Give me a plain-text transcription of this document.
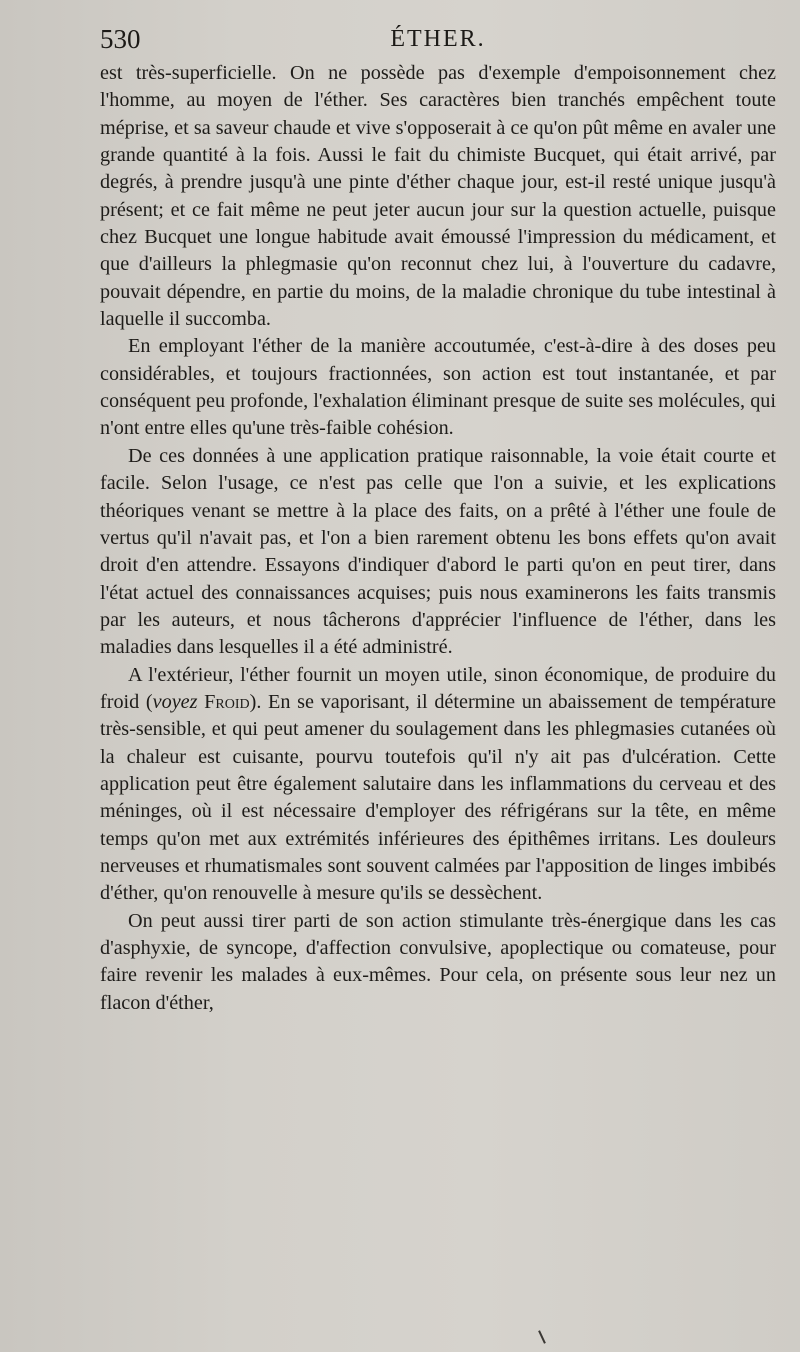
530	ÉTHER.

est très-superficielle. On ne possède pas d'exemple d'empoisonnement chez l'homme, au moyen de l'éther. Ses caractères bien tranchés empêchent toute méprise, et sa saveur chaude et vive s'opposerait à ce qu'on pût même en avaler une grande quantité à la fois. Aussi le fait du chimiste Bucquet, qui était arrivé, par degrés, à prendre jusqu'à une pinte d'éther chaque jour, est-il resté unique jusqu'à présent; et ce fait même ne peut jeter aucun jour sur la question actuelle, puisque chez Bucquet une longue habitude avait émoussé l'impression du médicament, et que d'ailleurs la phlegmasie qu'on reconnut chez lui, à l'ouverture du cadavre, pouvait dépendre, en partie du moins, de la maladie chronique du tube intestinal à laquelle il succomba.

En employant l'éther de la manière accoutumée, c'est-à-dire à des doses peu considérables, et toujours fractionnées, son action est tout instantanée, et par conséquent peu profonde, l'exhalation éliminant presque de suite ses molécules, qui n'ont entre elles qu'une très-faible cohésion.

De ces données à une application pratique raisonnable, la voie était courte et facile. Selon l'usage, ce n'est pas celle que l'on a suivie, et les explications théoriques venant se mettre à la place des faits, on a prêté à l'éther une foule de vertus qu'il n'avait pas, et l'on a bien rarement obtenu les bons effets qu'on avait droit d'en attendre. Essayons d'indiquer d'abord le parti qu'on en peut tirer, dans l'état actuel des connaissances acquises; puis nous examinerons les faits transmis par les auteurs, et nous tâcherons d'apprécier l'influence de l'éther, dans les maladies dans lesquelles il a été administré.

A l'extérieur, l'éther fournit un moyen utile, sinon économique, de produire du froid (voyez Froid). En se vaporisant, il détermine un abaissement de température très-sensible, et qui peut amener du soulagement dans les phlegmasies cutanées où la chaleur est cuisante, pourvu toutefois qu'il n'y ait pas d'ulcération. Cette application peut être également salutaire dans les inflammations du cerveau et des méninges, où il est nécessaire d'employer des réfrigérans sur la tête, en même temps qu'on met aux extrémités inférieures des épithêmes irritans. Les douleurs nerveuses et rhumatismales sont souvent calmées par l'apposition de linges imbibés d'éther, qu'on renouvelle à mesure qu'ils se dessèchent.

On peut aussi tirer parti de son action stimulante très-énergique dans les cas d'asphyxie, de syncope, d'affection convulsive, apoplectique ou comateuse, pour faire revenir les malades à eux-mêmes. Pour cela, on présente sous leur nez un flacon d'éther,
